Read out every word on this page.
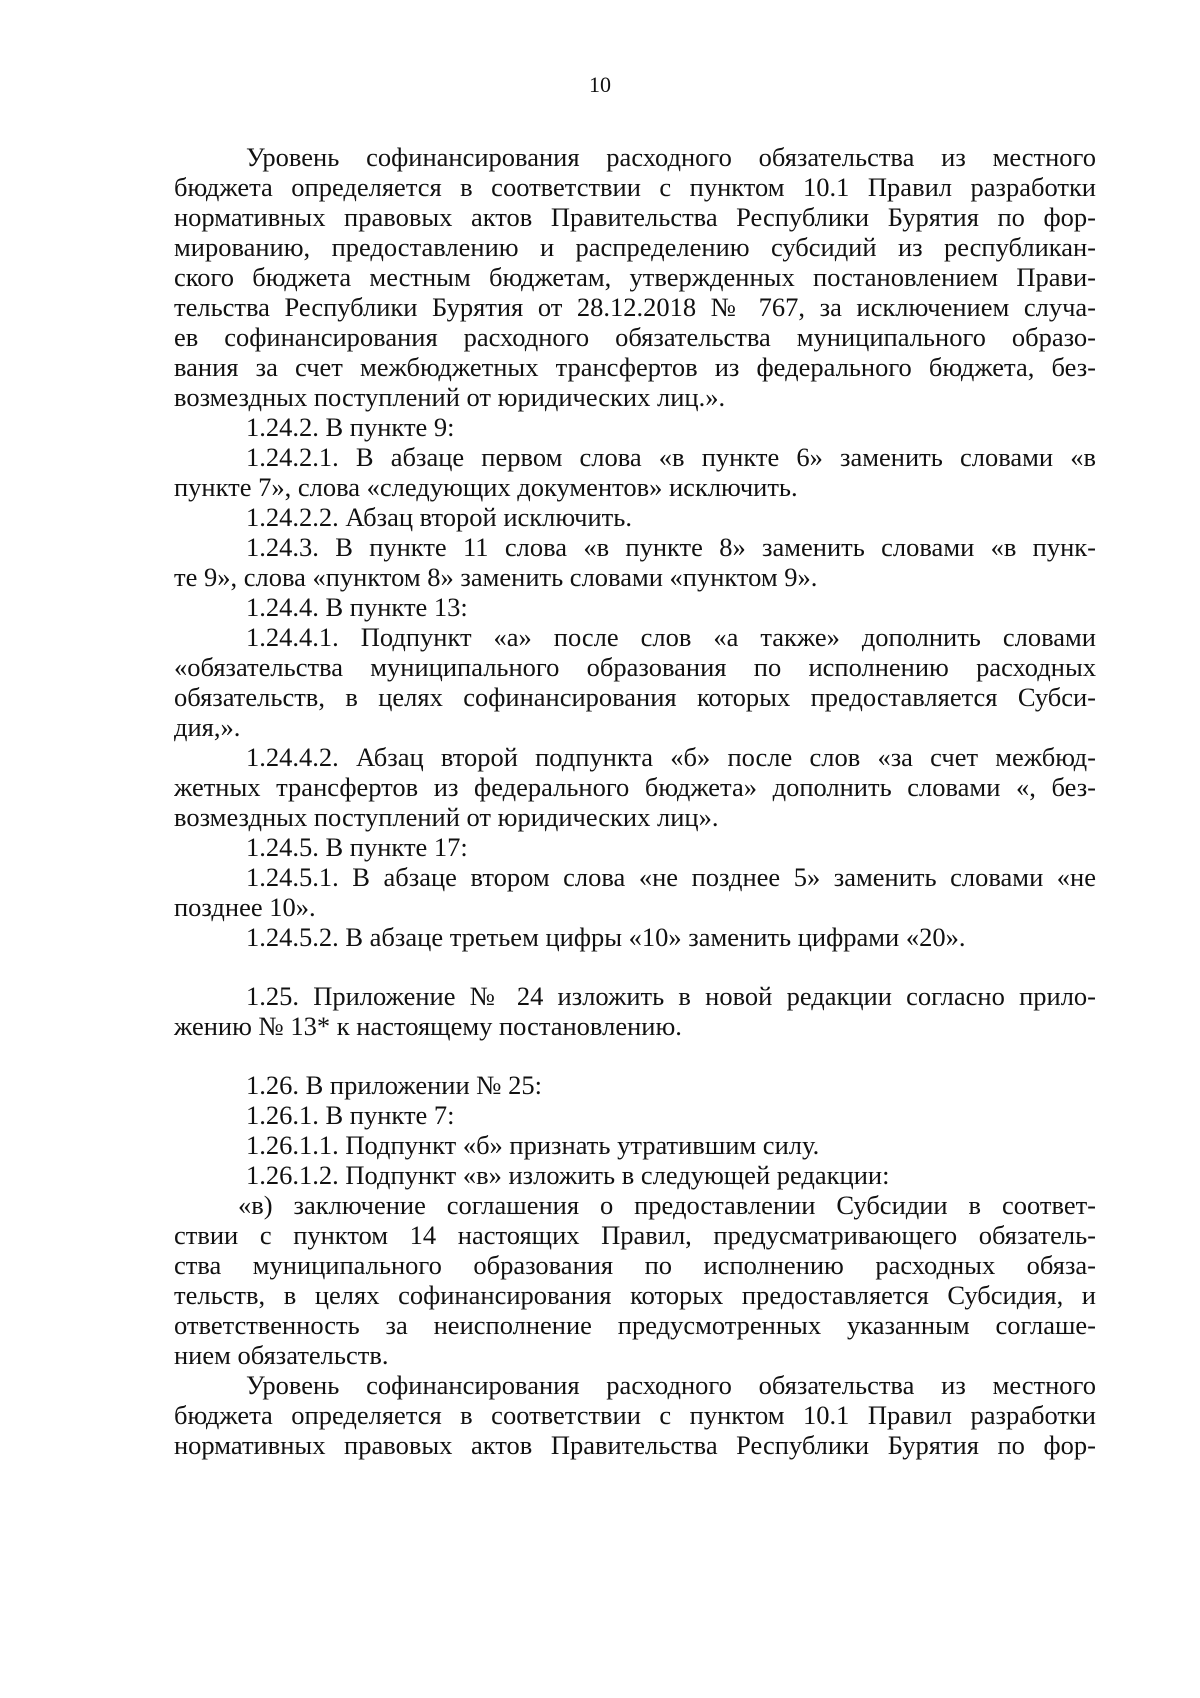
10
Уровень софинансирования расходного обязательства из местного
бюджета определяется в соответствии с пунктом 10.1 Правил разработки
нормативных правовых актов Правительства Республики Бурятия по фор-
мированию, предоставлению и распределению субсидий из республикан-
ского бюджета местным бюджетам, утвержденных постановлением Прави-
тельства Республики Бурятия от 28.12.2018 № 767, за исключением случа-
ев софинансирования расходного обязательства муниципального образо-
вания за счет межбюджетных трансфертов из федерального бюджета, без-
возмездных поступлений от юридических лиц.».
1.24.2. В пункте 9:
1.24.2.1. В абзаце первом слова «в пункте 6» заменить словами «в
пункте 7», слова «следующих документов» исключить.
1.24.2.2. Абзац второй исключить.
1.24.3. В пункте 11 слова «в пункте 8» заменить словами «в пунк-
те 9», слова «пунктом 8» заменить словами «пунктом 9».
1.24.4. В пункте 13:
1.24.4.1. Подпункт «а» после слов «а также» дополнить словами
«обязательства муниципального образования по исполнению расходных
обязательств, в целях софинансирования которых предоставляется Субси-
дия,».
1.24.4.2. Абзац второй подпункта «б» после слов «за счет межбюд-
жетных трансфертов из федерального бюджета» дополнить словами «, без-
возмездных поступлений от юридических лиц».
1.24.5. В пункте 17:
1.24.5.1. В абзаце втором слова «не позднее 5» заменить словами «не
позднее 10».
1.24.5.2. В абзаце третьем цифры «10» заменить цифрами «20».
1.25. Приложение № 24 изложить в новой редакции согласно прило-
жению № 13* к настоящему постановлению.
1.26. В приложении № 25:
1.26.1. В пункте 7:
1.26.1.1. Подпункт «б» признать утратившим силу.
1.26.1.2. Подпункт «в» изложить в следующей редакции:
«в) заключение соглашения о предоставлении Субсидии в соответ-
ствии с пунктом 14 настоящих Правил, предусматривающего обязатель-
ства муниципального образования по исполнению расходных обяза-
тельств, в целях софинансирования которых предоставляется Субсидия, и
ответственность за неисполнение предусмотренных указанным соглаше-
нием обязательств.
Уровень софинансирования расходного обязательства из местного
бюджета определяется в соответствии с пунктом 10.1 Правил разработки
нормативных правовых актов Правительства Республики Бурятия по фор-
